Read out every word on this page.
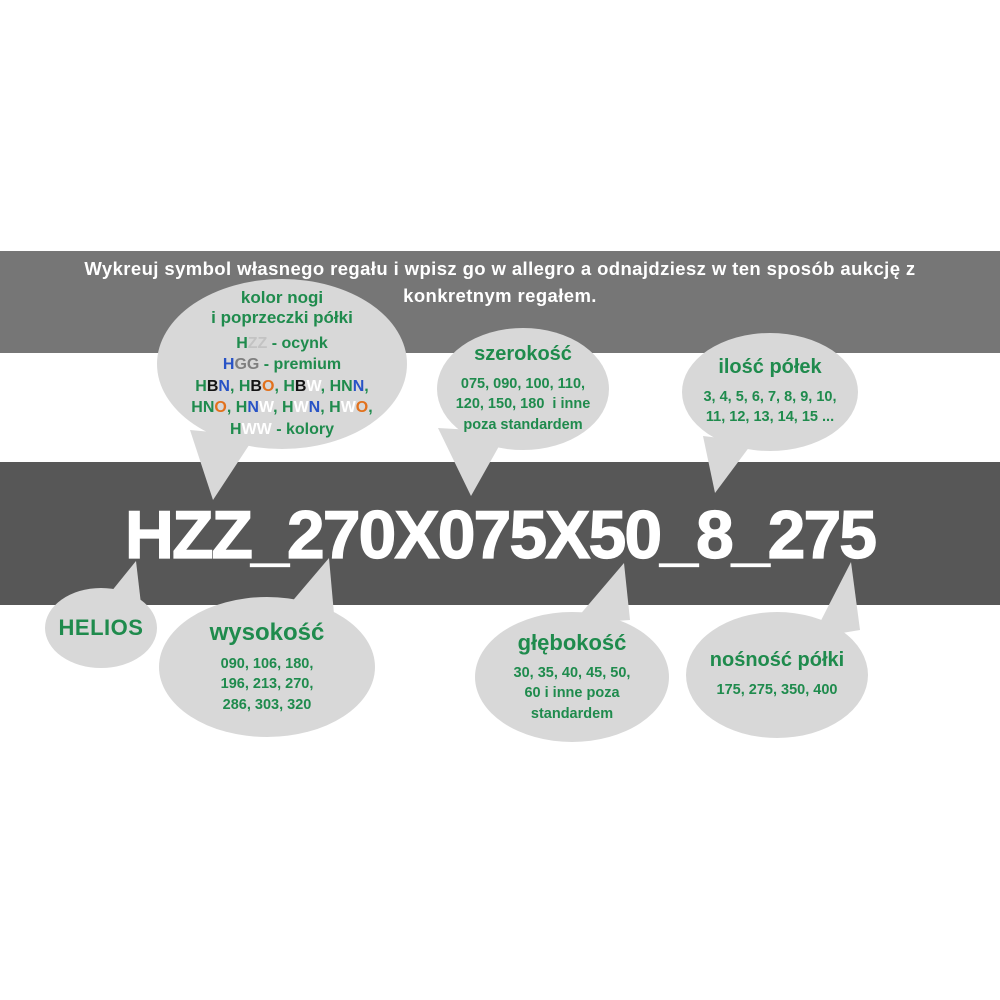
Wykreuj symbol własnego regału i wpisz go w allegro a odnajdziesz w ten sposób aukcję z
konkretnym regałem.
HZZ_270X075X50_8_275
kolor nogi
i poprzeczki półki
HZZ - ocynk
HGG - premium
HBN, HBO, HBW, HNN,
HNO, HNW, HWN, HWO,
HWW - kolory
szerokość
075, 090, 100, 110,
120, 150, 180  i inne
poza standardem
ilość półek
3, 4, 5, 6, 7, 8, 9, 10,
11, 12, 13, 14, 15 ...
HELIOS	wysokość
090, 106, 180,
196, 213, 270,
286, 303, 320
głębokość
30, 35, 40, 45, 50,
60 i inne poza
standardem
nośność półki
175, 275, 350, 400
